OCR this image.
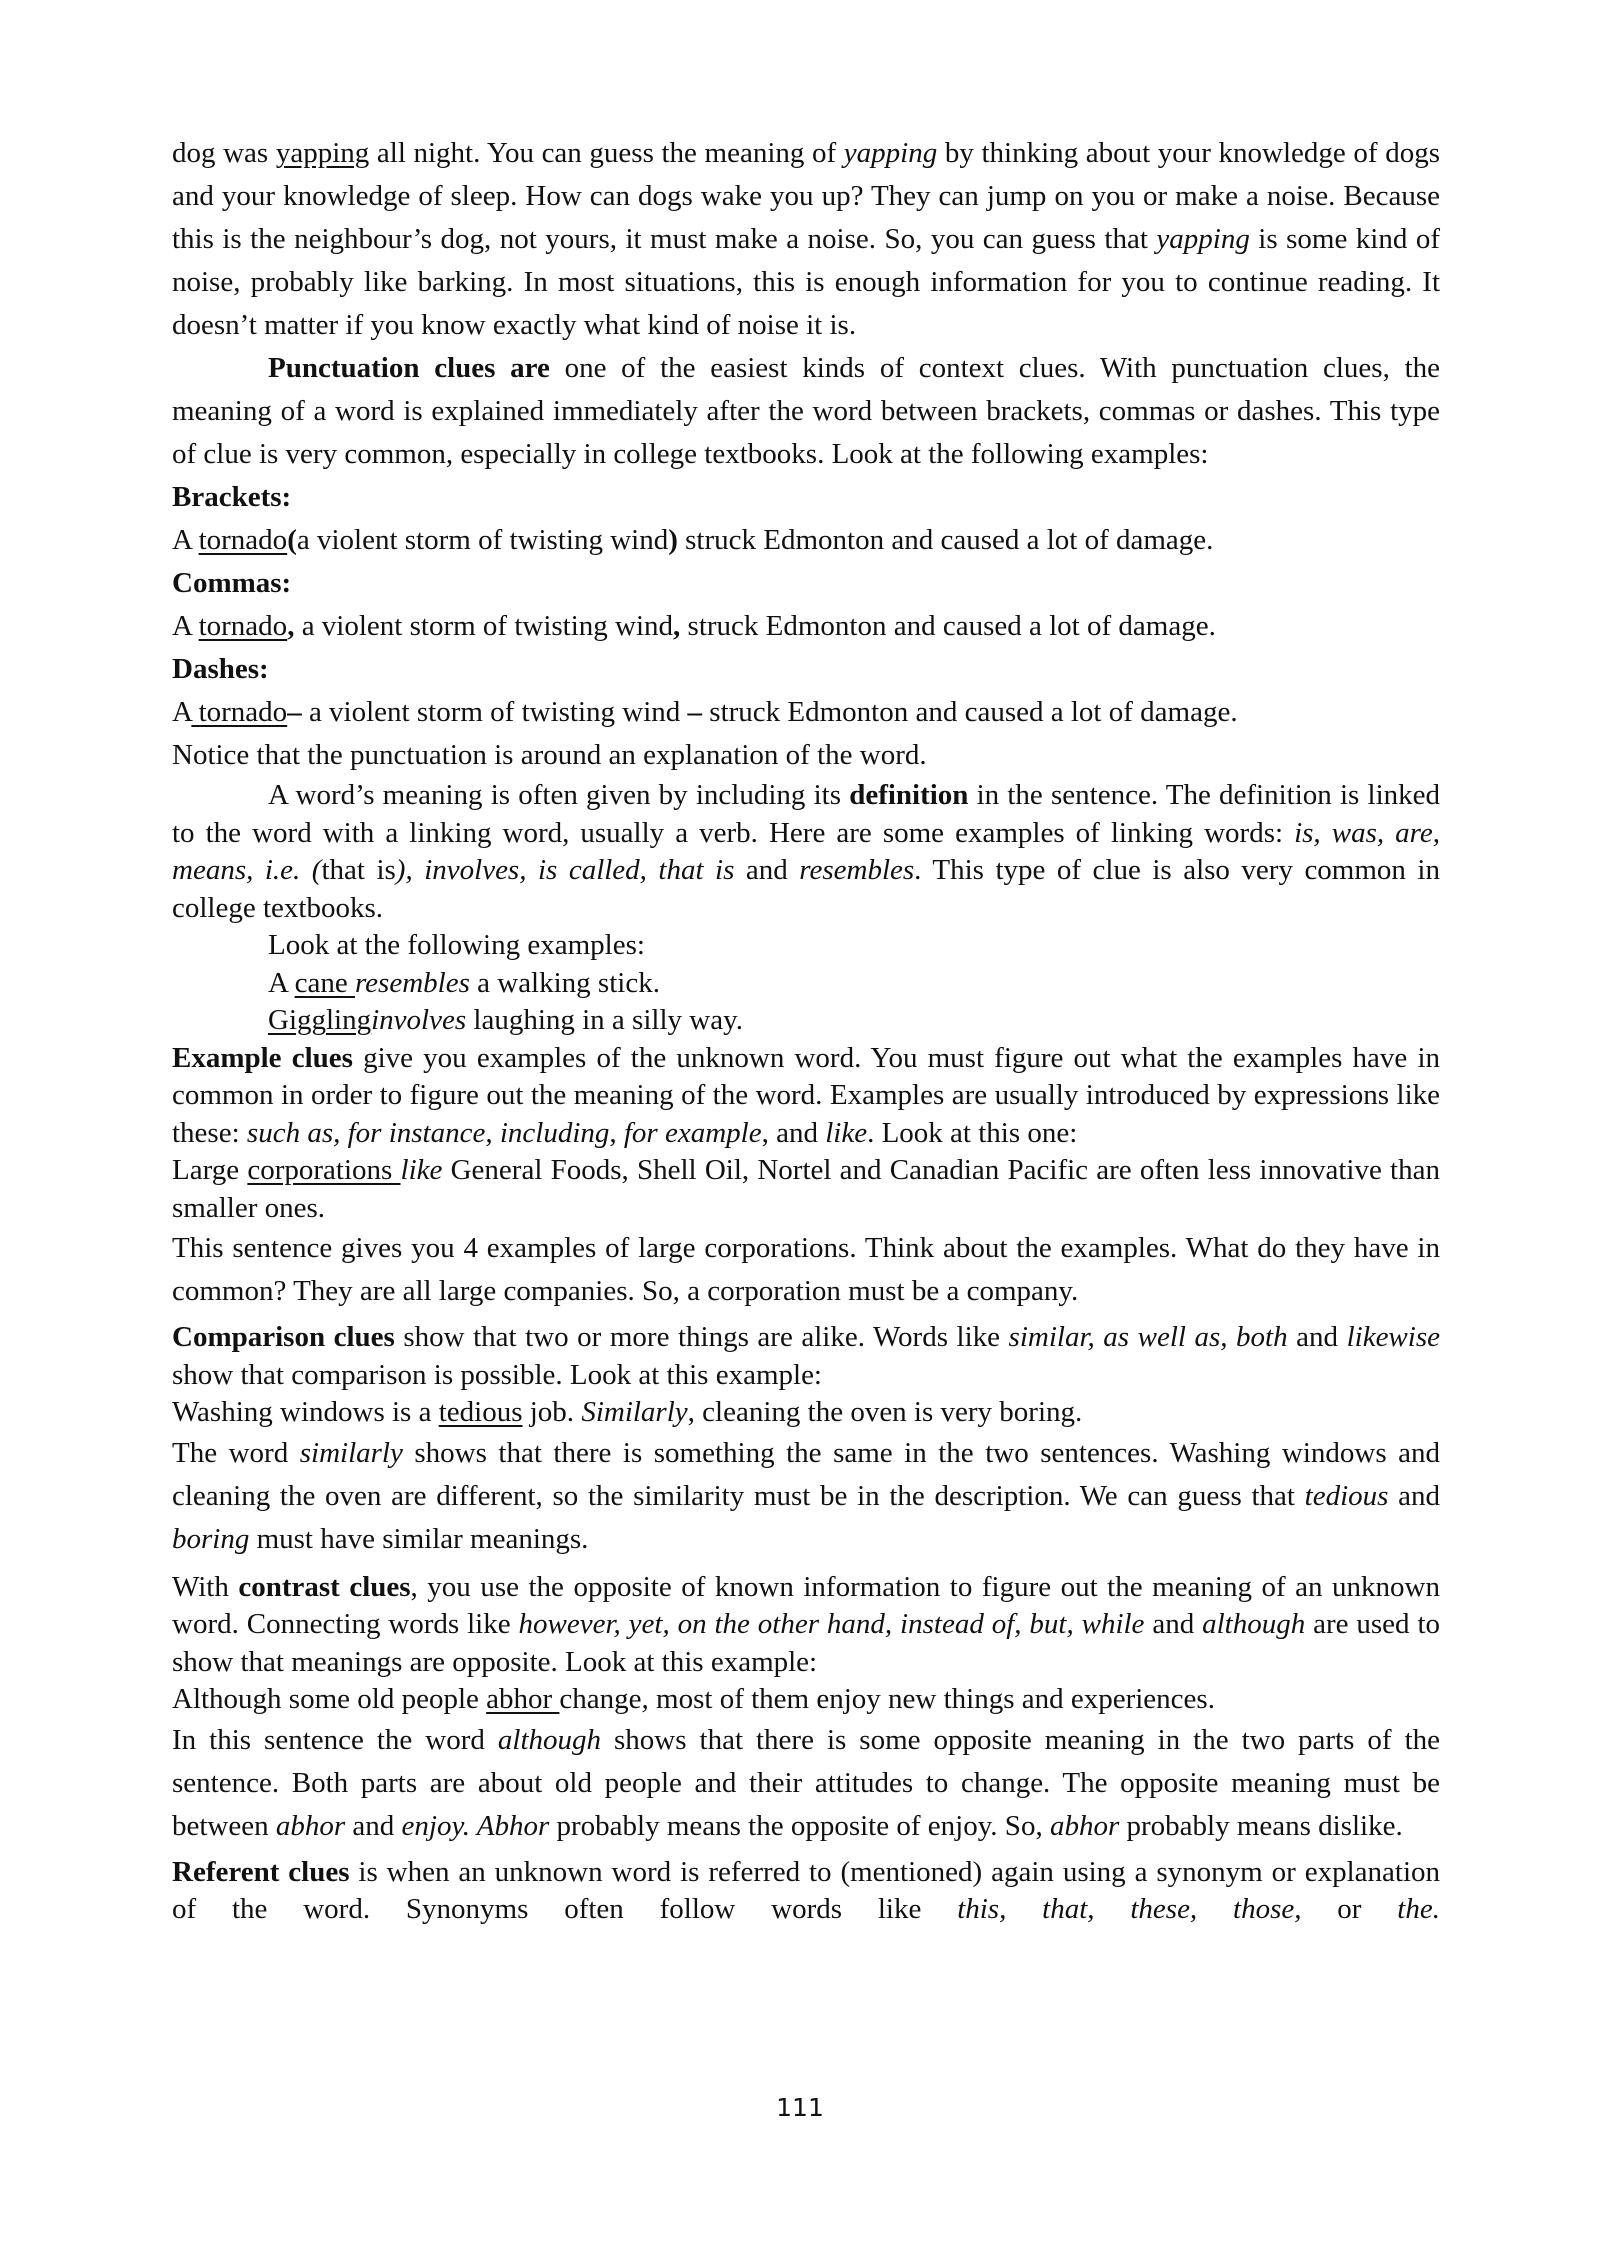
dog was yapping all night. You can guess the meaning of yapping by thinking about your knowledge of dogs and your knowledge of sleep. How can dogs wake you up? They can jump on you or make a noise. Because this is the neighbour’s dog, not yours, it must make a noise. So, you can guess that yapping is some kind of noise, probably like barking. In most situations, this is enough information for you to continue reading. It doesn’t matter if you know exactly what kind of noise it is.

Punctuation clues are one of the easiest kinds of context clues. With punctuation clues, the meaning of a word is explained immediately after the word between brackets, commas or dashes. This type of clue is very common, especially in college textbooks. Look at the following examples:

Brackets:

A tornado(a violent storm of twisting wind) struck Edmonton and caused a lot of damage.

Commas:

A tornado, a violent storm of twisting wind, struck Edmonton and caused a lot of damage.

Dashes:

A tornado– a violent storm of twisting wind – struck Edmonton and caused a lot of damage.

Notice that the punctuation is around an explanation of the word.

A word’s meaning is often given by including its definition in the sentence. The definition is linked to the word with a linking word, usually a verb. Here are some examples of linking words: is, was, are, means, i.e. (that is), involves, is called, that is and resembles. This type of clue is also very common in college textbooks.

Look at the following examples:

A cane resembles a walking stick.

Gigglinginvolves laughing in a silly way.

Example clues give you examples of the unknown word. You must figure out what the examples have in common in order to figure out the meaning of the word. Examples are usually introduced by expressions like these: such as, for instance, including, for example, and like. Look at this one:

Large corporations like General Foods, Shell Oil, Nortel and Canadian Pacific are often less innovative than smaller ones.

This sentence gives you 4 examples of large corporations. Think about the examples. What do they have in common? They are all large companies. So, a corporation must be a company.

Comparison clues show that two or more things are alike. Words like similar, as well as, both and likewise show that comparison is possible. Look at this example:

Washing windows is a tedious job. Similarly, cleaning the oven is very boring.

The word similarly shows that there is something the same in the two sentences. Washing windows and cleaning the oven are different, so the similarity must be in the description. We can guess that tedious and boring must have similar meanings.

With contrast clues, you use the opposite of known information to figure out the meaning of an unknown word. Connecting words like however, yet, on the other hand, instead of, but, while and although are used to show that meanings are opposite. Look at this example:

Although some old people abhor change, most of them enjoy new things and experiences.

In this sentence the word although shows that there is some opposite meaning in the two parts of the sentence. Both parts are about old people and their attitudes to change. The opposite meaning must be between abhor and enjoy. Abhor probably means the opposite of enjoy. So, abhor probably means dislike.

Referent clues is when an unknown word is referred to (mentioned) again using a synonym or explanation of the word. Synonyms often follow words like this, that, these, those, or the.

111
